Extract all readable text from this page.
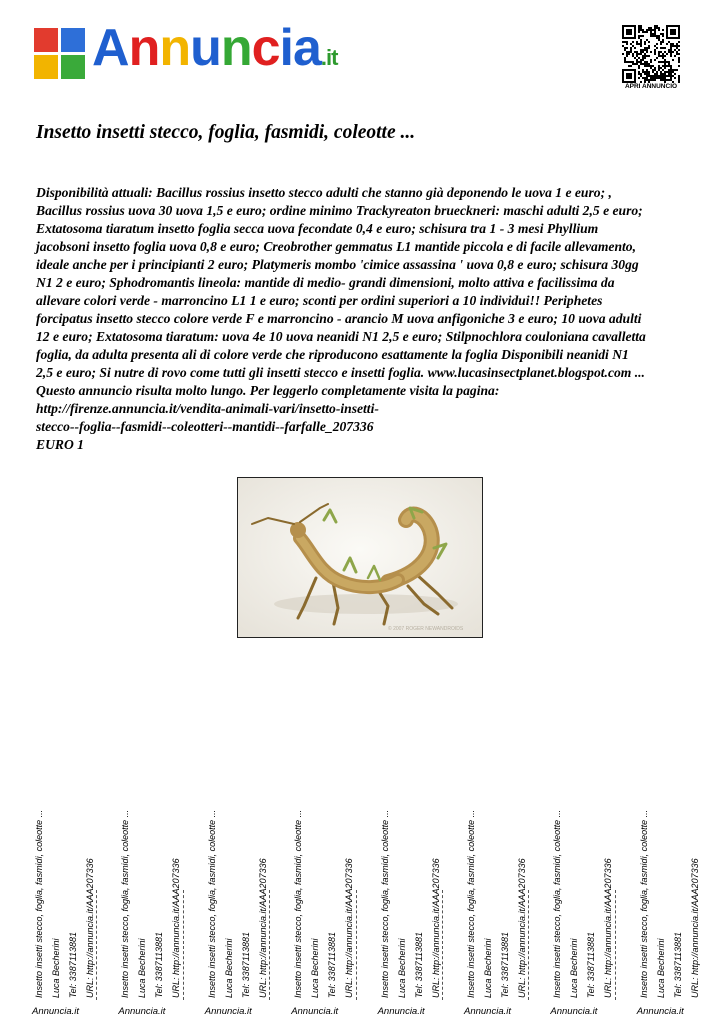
Annuncia.it
APRI ANNUNCIO
Insetto insetti stecco, foglia, fasmidi, coleotte ...

Disponibilità attuali: Bacillus rossius insetto stecco adulti che stanno già deponendo le uova 1 e euro; ,

Bacillus rossius uova 30 uova 1,5 e euro; ordine minimo Trackyreaton brueckneri: maschi adulti 2,5 e euro;

Extatosoma tiaratum insetto foglia secca uova fecondate 0,4 e euro; schisura tra 1 - 3 mesi Phyllium

jacobsoni insetto foglia uova 0,8 e euro; Creobrother gemmatus L1 mantide piccola e di facile allevamento,

ideale anche per i principianti 2 euro; Platymeris mombo 'cimice assassina ' uova 0,8 e euro; schisura 30gg

N1 2 e euro; Sphodromantis lineola: mantide di medio- grandi dimensioni, molto attiva e facilissima da

allevare colori verde - marroncino L1 1 e euro; sconti per ordini superiori a 10 individui!! Periphetes

forcipatus insetto stecco colore verde F e marroncino - arancio M uova anfigoniche 3 e euro; 10 uova adulti

12 e euro; Extatosoma tiaratum: uova 4e 10 uova neanidi N1 2,5 e euro; Stilpnochlora couloniana cavalletta

foglia, da adulta presenta ali di colore verde che riproducono esattamente la foglia Disponibili neanidi N1

2,5 e euro; Si nutre di rovo come tutti gli insetti stecco e insetti foglia. www.lucasinsectplanet.blogspot.com ...

Questo annuncio risulta molto lungo. Per leggerlo completamente visita la pagina:

http://firenze.annuncia.it/vendita-animali-vari/insetto-insetti-

stecco--foglia--fasmidi--coleotteri--mantidi--farfalle_207336

EURO 1

© 2007 ROGER NEWANDROIDS
Insetto insetti stecco, foglia, fasmidi, coleotte ... Luca Becherini Tel: 3387113881 URL: http://annuncia.it/AAA207336
Annuncia.it
Insetto insetti stecco, foglia, fasmidi, coleotte ... Luca Becherini Tel: 3387113881 URL: http://annuncia.it/AAA207336
Annuncia.it
Insetto insetti stecco, foglia, fasmidi, coleotte ... Luca Becherini Tel: 3387113881 URL: http://annuncia.it/AAA207336
Annuncia.it
Insetto insetti stecco, foglia, fasmidi, coleotte ... Luca Becherini Tel: 3387113881 URL: http://annuncia.it/AAA207336
Annuncia.it
Insetto insetti stecco, foglia, fasmidi, coleotte ... Luca Becherini Tel: 3387113881 URL: http://annuncia.it/AAA207336
Annuncia.it
Insetto insetti stecco, foglia, fasmidi, coleotte ... Luca Becherini Tel: 3387113881 URL: http://annuncia.it/AAA207336
Annuncia.it
Insetto insetti stecco, foglia, fasmidi, coleotte ... Luca Becherini Tel: 3387113881 URL: http://annuncia.it/AAA207336
Annuncia.it
Insetto insetti stecco, foglia, fasmidi, coleotte ... Luca Becherini Tel: 3387113881 URL: http://annuncia.it/AAA207336
Annuncia.it
